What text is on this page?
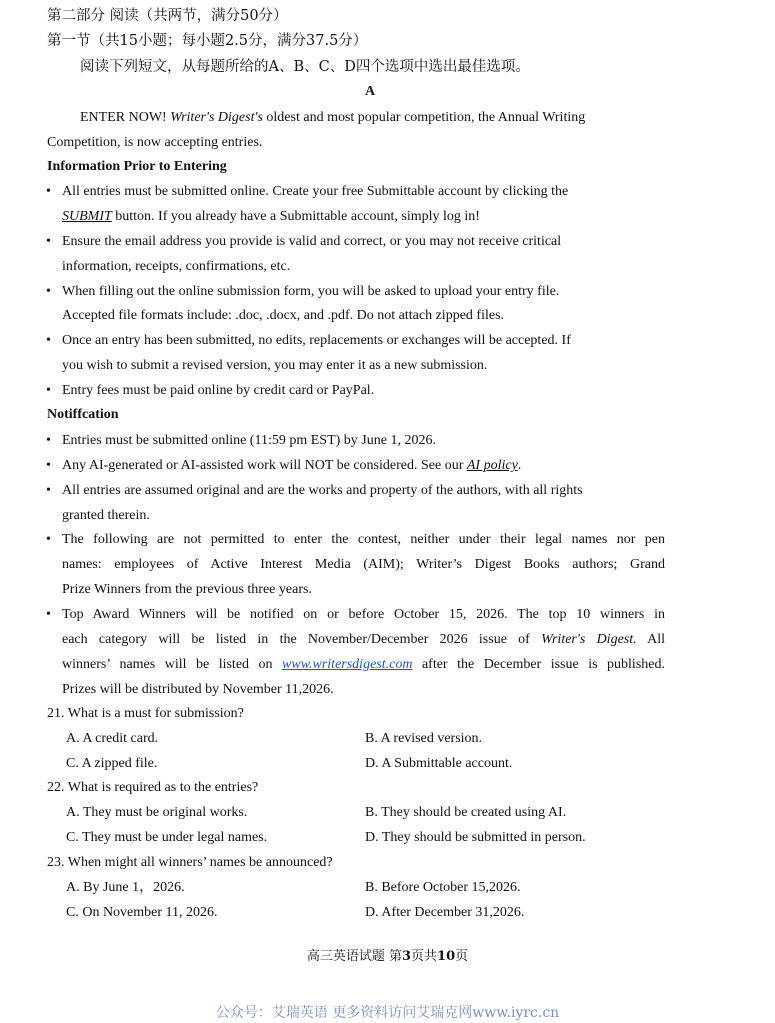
第二部分 阅读（共两节，满分50分）
第一节（共15小题；每小题2.5分，满分37.5分）
阅读下列短文，从每题所给的A、B、C、D四个选项中选出最佳选项。
A
ENTER NOW! Writer's Digest's oldest and most popular competition, the Annual Writing
Competition, is now accepting entries.
Information Prior to Entering
• All entries must be submitted online. Create your free Submittable account by clicking the
SUBMIT button. If you already have a Submittable account, simply log in!
• Ensure the email address you provide is valid and correct, or you may not receive critical
information, receipts, confirmations, etc.
• When filling out the online submission form, you will be asked to upload your entry file.
Accepted file formats include: .doc, .docx, and .pdf. Do not attach zipped files.
• Once an entry has been submitted, no edits, replacements or exchanges will be accepted. If
you wish to submit a revised version, you may enter it as a new submission.
• Entry fees must be paid online by credit card or PayPal.
Notiffcation
• Entries must be submitted online (11:59 pm EST) by June 1, 2026.
• Any AI-generated or AI-assisted work will NOT be considered. See our AI policy.
• All entries are assumed original and are the works and property of the authors, with all rights
granted therein.
• The following are not permitted to enter the contest, neither under their legal names nor pen
names: employees of Active Interest Media (AIM); Writer’s Digest Books authors; Grand
Prize Winners from the previous three years.
• Top Award Winners will be notified on or before October 15, 2026. The top 10 winners in
each category will be listed in the November/December 2026 issue of Writer's Digest. All
winners’ names will be listed on www.writersdigest.com after the December issue is published.
Prizes will be distributed by November 11,2026.
21. What is a must for submission?
A. A credit card.	B. A revised version.
C. A zipped file.	D. A Submittable account.
22. What is required as to the entries?
A. They must be original works.	B. They should be created using AI.
C. They must be under legal names.	D. They should be submitted in person.
23. When might all winners’ names be announced?
A. By June 1，2026.	B. Before October 15,2026.
C. On November 11, 2026.	D. After December 31,2026.
高三英语试题 第3页共10页
公众号：艾瑞英语 更多资料访问艾瑞克网www.iyrc.cn
